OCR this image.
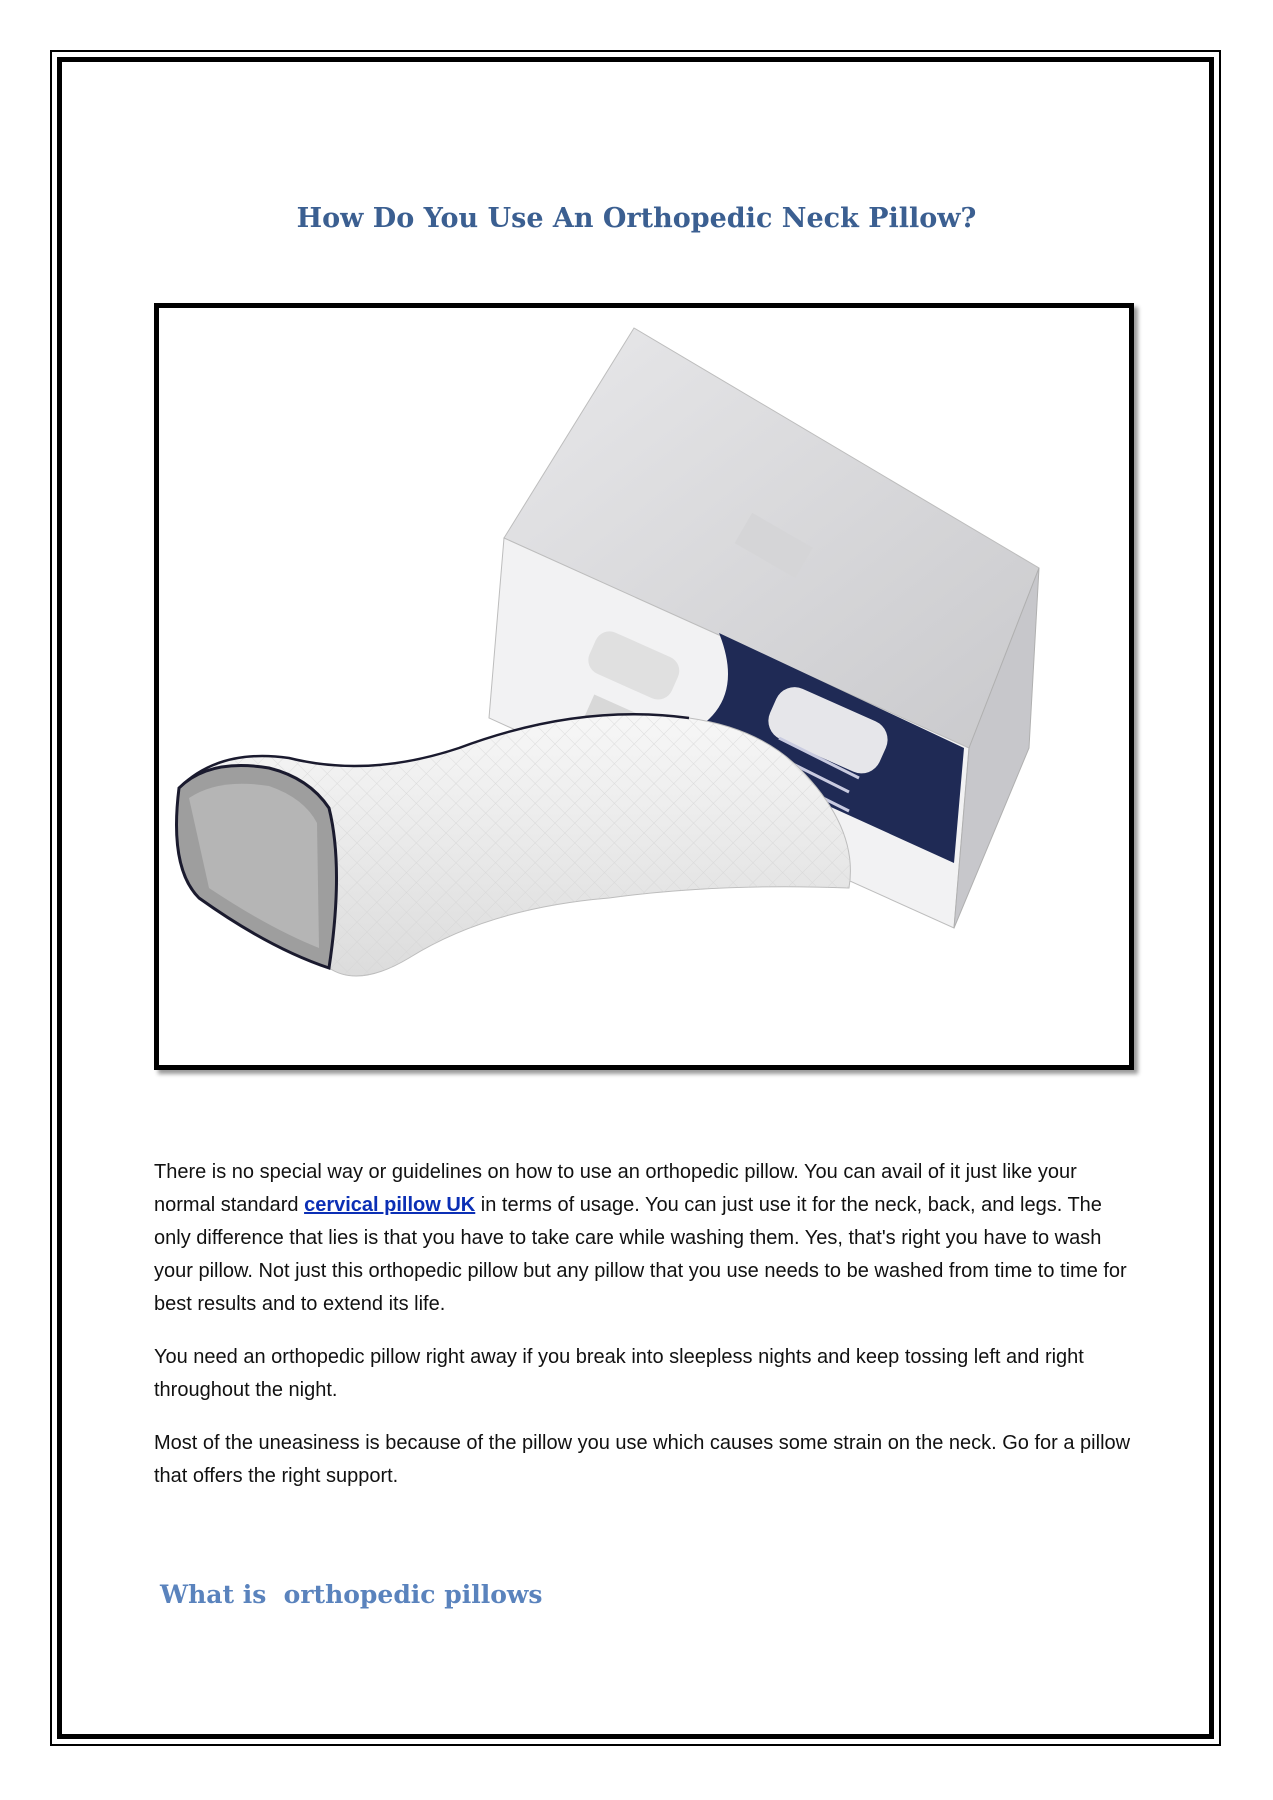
How Do You Use An Orthopedic Neck Pillow?

There is no special way or guidelines on how to use an orthopedic pillow. You can avail of it just like your normal standard cervical pillow UK in terms of usage. You can just use it for the neck, back, and legs. The only difference that lies is that you have to take care while washing them. Yes, that's right you have to wash your pillow. Not just this orthopedic pillow but any pillow that you use needs to be washed from time to time for best results and to extend its life.

You need an orthopedic pillow right away if you break into sleepless nights and keep tossing left and right throughout the night.

Most of the uneasiness is because of the pillow you use which causes some strain on the neck. Go for a pillow that offers the right support.

What is  orthopedic pillows
